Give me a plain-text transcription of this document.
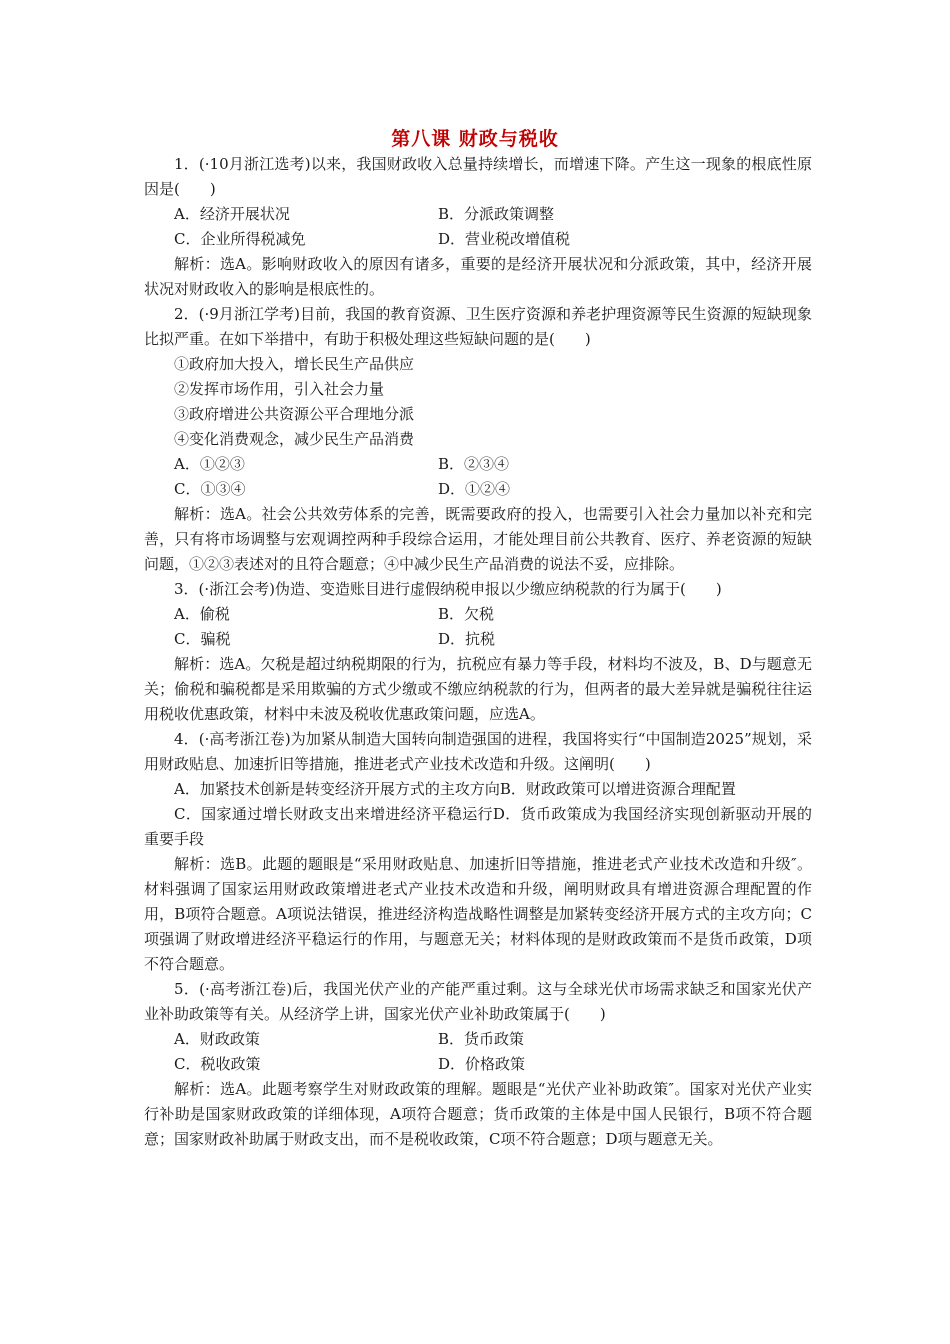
第八课 财政与税收

1．(·10月浙江选考)以来，我国财政收入总量持续增长，而增速下降。产生这一现象的根底性原因是(　　)

A．经济开展状况	B．分派政策调整
C．企业所得税减免	D．营业税改增值税

解析：选A。影响财政收入的原因有诸多，重要的是经济开展状况和分派政策，其中，经济开展状况对财政收入的影响是根底性的。

2．(·9月浙江学考)目前，我国的教育资源、卫生医疗资源和养老护理资源等民生资源的短缺现象比拟严重。在如下举措中，有助于积极处理这些短缺问题的是(　　)

①政府加大投入，增长民生产品供应
②发挥市场作用，引入社会力量
③政府增进公共资源公平合理地分派
④变化消费观念，减少民生产品消费
A．①②③	B．②③④
C．①③④	D．①②④

解析：选A。社会公共效劳体系的完善，既需要政府的投入，也需要引入社会力量加以补充和完善，只有将市场调整与宏观调控两种手段综合运用，才能处理目前公共教育、医疗、养老资源的短缺问题，①②③表述对的且符合题意；④中减少民生产品消费的说法不妥，应排除。

3．(·浙江会考)伪造、变造账目进行虚假纳税申报以少缴应纳税款的行为属于(　　)

A．偷税	B．欠税
C．骗税	D．抗税

解析：选A。欠税是超过纳税期限的行为，抗税应有暴力等手段，材料均不波及，B、D与题意无关；偷税和骗税都是采用欺骗的方式少缴或不缴应纳税款的行为，但两者的最大差异就是骗税往往运用税收优惠政策，材料中未波及税收优惠政策问题，应选A。

4．(·高考浙江卷)为加紧从制造大国转向制造强国的进程，我国将实行“中国制造2025”规划，采用财政贴息、加速折旧等措施，推进老式产业技术改造和升级。这阐明(　　)

A．加紧技术创新是转变经济开展方式的主攻方向B．财政政策可以增进资源合理配置

C．国家通过增长财政支出来增进经济平稳运行D．货币政策成为我国经济实现创新驱动开展的重要手段

解析：选B。此题的题眼是“采用财政贴息、加速折旧等措施，推进老式产业技术改造和升级″。材料强调了国家运用财政政策增进老式产业技术改造和升级，阐明财政具有增进资源合理配置的作用，B项符合题意。A项说法错误，推进经济构造战略性调整是加紧转变经济开展方式的主攻方向；C项强调了财政增进经济平稳运行的作用，与题意无关；材料体现的是财政政策而不是货币政策，D项不符合题意。

5．(·高考浙江卷)后，我国光伏产业的产能严重过剩。这与全球光伏市场需求缺乏和国家光伏产业补助政策等有关。从经济学上讲，国家光伏产业补助政策属于(　　)

A．财政政策	B．货币政策
C．税收政策	D．价格政策

解析：选A。此题考察学生对财政政策的理解。题眼是“光伏产业补助政策″。国家对光伏产业实行补助是国家财政政策的详细体现，A项符合题意；货币政策的主体是中国人民银行，B项不符合题意；国家财政补助属于财政支出，而不是税收政策，C项不符合题意；D项与题意无关。
